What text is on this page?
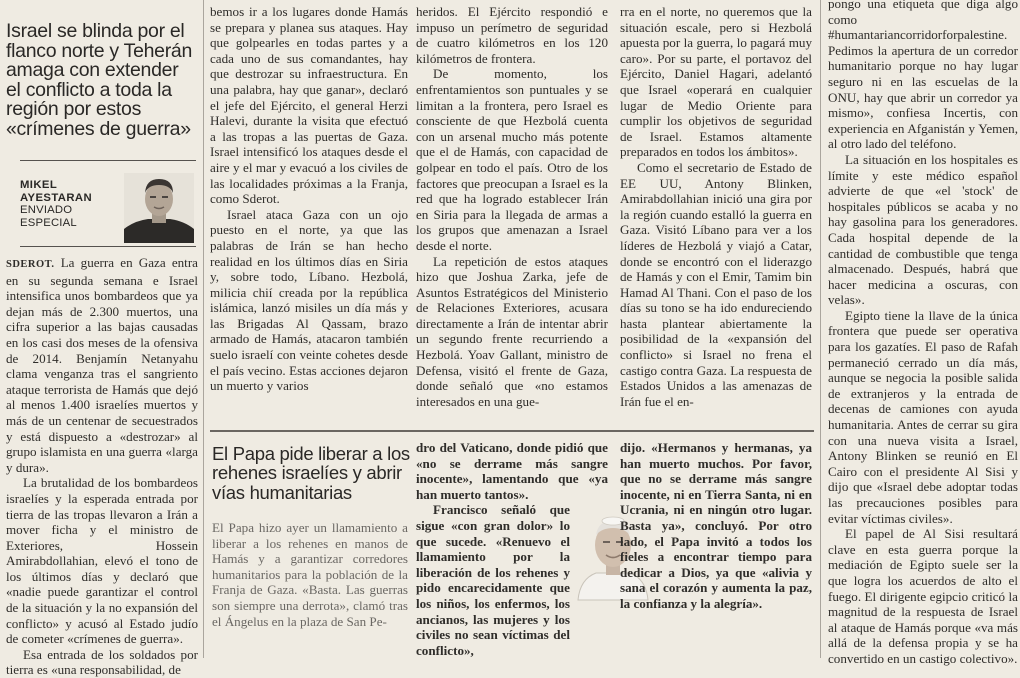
Israel se blinda por el flanco norte y Teherán amaga con extender el conflicto a toda la región por estos «crímenes de guerra»
MIKEL
AYESTARAN
ENVIADO ESPECIAL

SDEROT. La guerra en Gaza entra en su segunda semana e Israel intensifica unos bombardeos que ya dejan más de 2.300 muertos, una cifra superior a las bajas causadas en los casi dos meses de la ofensiva de 2014. Benjamín Netanyahu clama venganza tras el sangriento ataque terrorista de Hamás que dejó al menos 1.400 israelíes muertos y más de un centenar de secuestrados y está dispuesto a «destrozar» al grupo islamista en una guerra «larga y dura».

La brutalidad de los bombardeos israelíes y la esperada entrada por tierra de las tropas llevaron a Irán a mover ficha y el ministro de Exteriores, Hossein Amirabdollahian, elevó el tono de los últimos días y declaró que «nadie puede garantizar el control de la situación y la no expansión del conflicto» y acusó al Estado judío de cometer «crímenes de guerra».

Esa entrada de los soldados por tierra es «una responsabilidad, de

bemos ir a los lugares donde Hamás se prepara y planea sus ataques. Hay que golpearles en todas partes y a cada uno de sus comandantes, hay que destrozar su infraestructura. En una palabra, hay que ganar», declaró el jefe del Ejército, el general Herzi Halevi, durante la visita que efectuó a las tropas a las puertas de Gaza. Israel intensificó los ataques desde el aire y el mar y evacuó a los civiles de las localidades próximas a la Franja, como Sderot.

Israel ataca Gaza con un ojo puesto en el norte, ya que las palabras de Irán se han hecho realidad en los últimos días en Siria y, sobre todo, Líbano. Hezbolá, milicia chií creada por la república islámica, lanzó misiles un día más y las Brigadas Al Qassam, brazo armado de Hamás, atacaron también suelo israelí con veinte cohetes desde el país vecino. Estas acciones dejaron un muerto y varios

heridos. El Ejército respondió e impuso un perímetro de seguridad de cuatro kilómetros en los 120 kilómetros de frontera.

De momento, los enfrentamientos son puntuales y se limitan a la frontera, pero Israel es consciente de que Hezbolá cuenta con un arsenal mucho más potente que el de Hamás, con capacidad de golpear en todo el país. Otro de los factores que preocupan a Israel es la red que ha logrado establecer Irán en Siria para la llegada de armas a los grupos que amenazan a Israel desde el norte.

La repetición de estos ataques hizo que Joshua Zarka, jefe de Asuntos Estratégicos del Ministerio de Relaciones Exteriores, acusara directamente a Irán de intentar abrir un segundo frente recurriendo a Hezbolá. Yoav Gallant, ministro de Defensa, visitó el frente de Gaza, donde señaló que «no estamos interesados en una gue-

rra en el norte, no queremos que la situación escale, pero si Hezbolá apuesta por la guerra, lo pagará muy caro». Por su parte, el portavoz del Ejército, Daniel Hagari, adelantó que Israel «operará en cualquier lugar de Medio Oriente para cumplir los objetivos de seguridad de Israel. Estamos altamente preparados en todos los ámbitos».

Como el secretario de Estado de EE UU, Antony Blinken, Amirabdollahian inició una gira por la región cuando estalló la guerra en Gaza. Visitó Líbano para ver a los líderes de Hezbolá y viajó a Catar, donde se encontró con el liderazgo de Hamás y con el Emir, Tamim bin Hamad Al Thani. Con el paso de los días su tono se ha ido endureciendo hasta plantear abiertamente la posibilidad de la «expansión del conflicto» si Israel no frena el castigo contra Gaza. La respuesta de Estados Unidos a las amenazas de Irán fue el en-

pongo una etiqueta que diga algo como #humantariancorridorforpalestine. Pedimos la apertura de un corredor humanitario porque no hay lugar seguro ni en las escuelas de la ONU, hay que abrir un corredor ya mismo», confiesa Incertis, con experiencia en Afganistán y Yemen, al otro lado del teléfono.

La situación en los hospitales es límite y este médico español advierte de que «el 'stock' de hospitales públicos se acaba y no hay gasolina para los generadores. Cada hospital depende de la cantidad de combustible que tenga almacenado. Después, habrá que hacer medicina a oscuras, con velas».

Egipto tiene la llave de la única frontera que puede ser operativa para los gazatíes. El paso de Rafah permaneció cerrado un día más, aunque se negocia la posible salida de extranjeros y la entrada de decenas de camiones con ayuda humanitaria. Antes de cerrar su gira con una nueva visita a Israel, Antony Blinken se reunió en El Cairo con el presidente Al Sisi y dijo que «Israel debe adoptar todas las precauciones posibles para evitar víctimas civiles».

El papel de Al Sisi resultará clave en esta guerra porque la mediación de Egipto suele ser la que logra los acuerdos de alto el fuego. El dirigente egipcio criticó la magnitud de la respuesta de Israel al ataque de Hamás porque «va más allá de la defensa propia y se ha convertido en un castigo colectivo».

El Papa pide liberar a los rehenes israelíes y abrir vías humanitarias

El Papa hizo ayer un llamamiento a liberar a los rehenes en manos de Hamás y a garantizar corredores humanitarios para la población de la Franja de Gaza. «Basta. Las guerras son siempre una derrota», clamó tras el Ángelus en la plaza de San Pe-

dro del Vaticano, donde pidió que «no se derrame más sangre inocente», lamentando que «ya han muerto tantos».

Francisco señaló que sigue «con gran dolor» lo que sucede. «Renuevo el llamamiento por la liberación de los rehenes y pido encarecidamente que los niños, los enfermos, los ancianos, las mujeres y los civiles no sean víctimas del conflicto»,

dijo. «Hermanos y hermanas, ya han muerto muchos. Por favor, que no se derrame más sangre inocente, ni en Tierra Santa, ni en Ucrania, ni en ningún otro lugar. Basta ya», concluyó. Por otro lado, el Papa invitó a todos los fieles a encontrar tiempo para dedicar a Dios, ya que «alivia y sana el corazón y aumenta la paz, la confianza y la alegría».
